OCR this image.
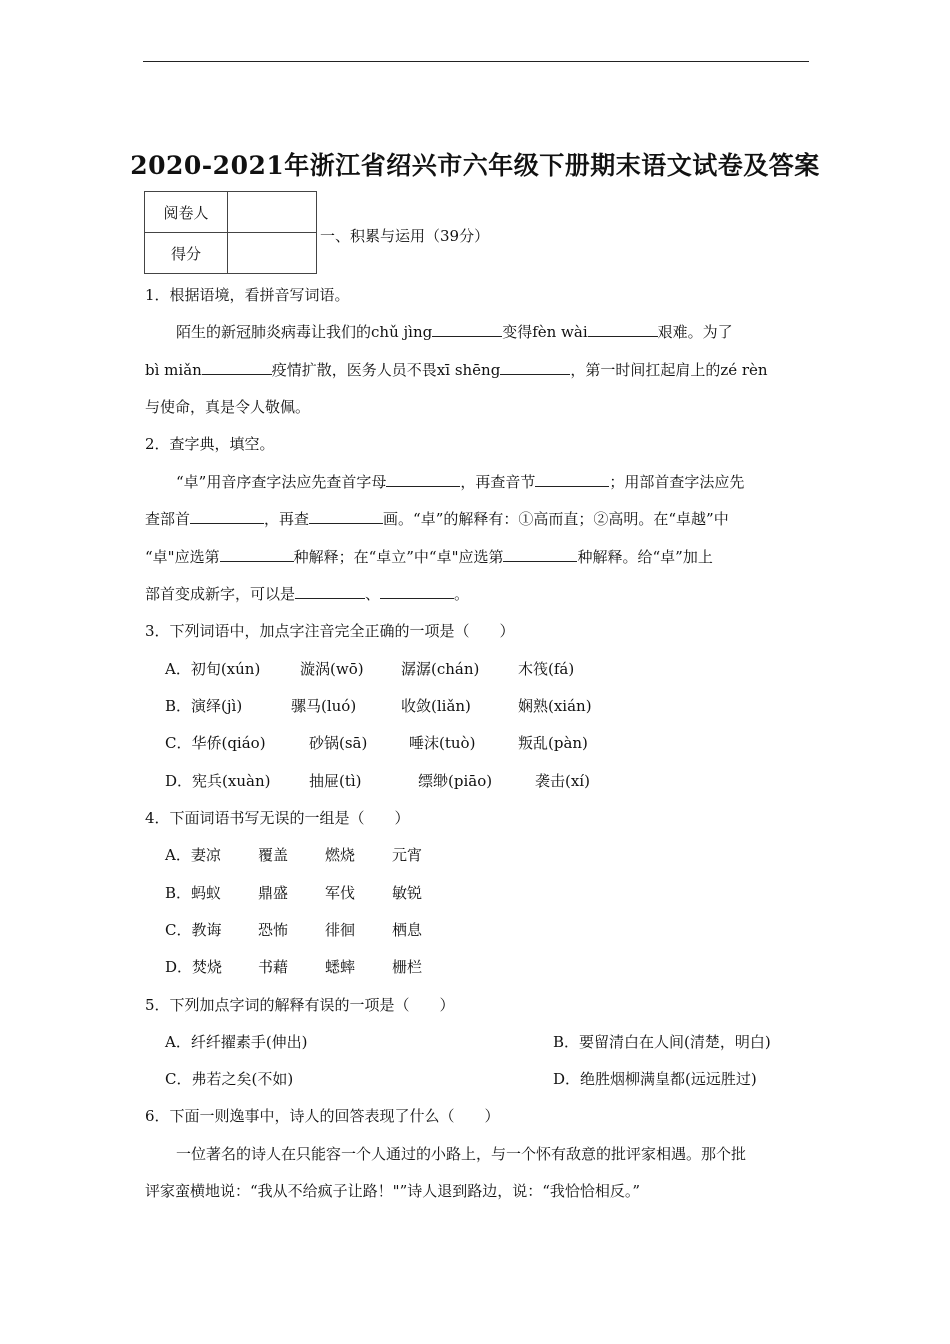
2020-2021年浙江省绍兴市六年级下册期末语文试卷及答案
阅卷人	
得分	
一、积累与运用（39分）
1．根据语境，看拼音写词语。
陌生的新冠肺炎病毒让我们的chǔ jìng	变得fèn wài	艰难。为了
bì miǎn	疫情扩散，医务人员不畏xī shēng	，第一时间扛起肩上的zé rèn
与使命，真是令人敬佩。
2．查字典，填空。
“卓”用音序查字法应先查首字母	，再查音节	；用部首查字法应先
查部首	，再查	画。“卓”的解释有：①高而直；②高明。在“卓越”中
“卓"应选第	种解释；在“卓立”中“卓"应选第	种解释。给“卓”加上
部首变成新字，可以是	、	。
3．下列词语中，加点字注音完全正确的一项是（　　）
A．初旬(xún)	漩涡(wō) 潺潺(chán)	木筏(fá)
B．演绎(jì)	骡马(luó)	收敛(liǎn)	娴熟(xián)
C．华侨(qiáo)	砂锅(sā)	唾沫(tuò)	叛乱(pàn)
D．宪兵(xuàn)	抽屉(tì)	缥缈(piāo)	袭击(xí)
4．下面词语书写无误的一组是（　　）
A．妻凉 覆盖 燃烧 元宵
B．蚂蚁 鼎盛 军伐 敏锐
C．教诲 恐怖 徘徊 栖息
D．焚烧 书藉 蟋蟀 栅栏
5．下列加点字词的解释有误的一项是（　　）
A．纤纤擢素手(伸出)	B．要留清白在人间(清楚，明白)
C．弗若之矣(不如)	D．绝胜烟柳满皇都(远远胜过)
6．下面一则逸事中，诗人的回答表现了什么（　　）
一位著名的诗人在只能容一个人通过的小路上，与一个怀有敌意的批评家相遇。那个批
评家蛮横地说：“我从不给疯子让路！"”诗人退到路边，说：“我恰恰相反。”
